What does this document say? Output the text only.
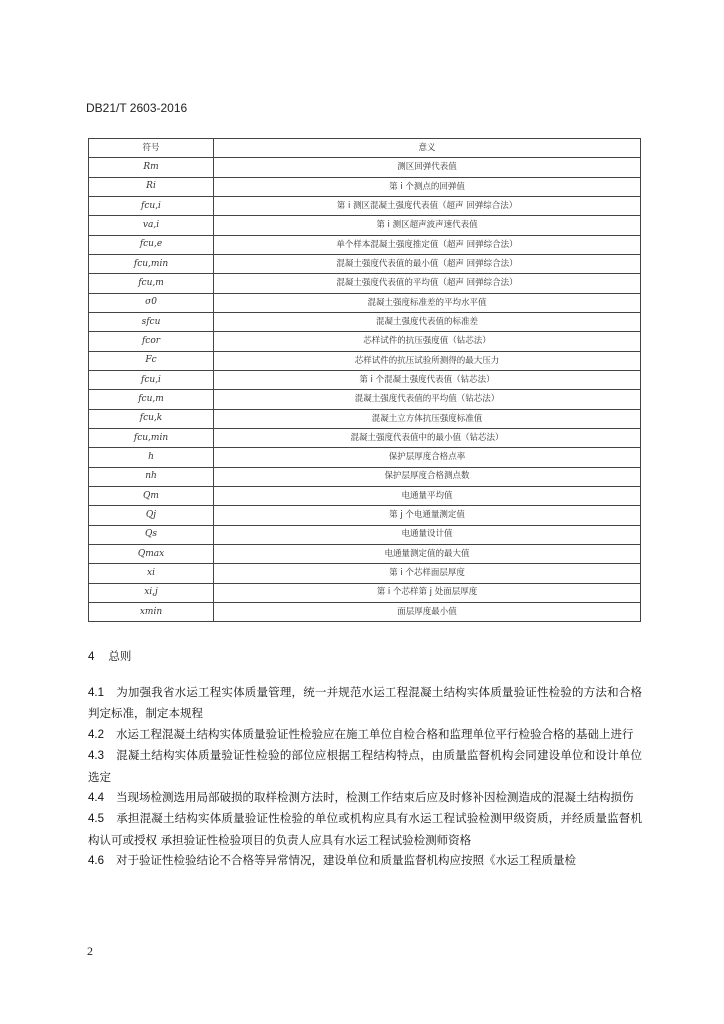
DB21/T 2603-2016
符号	意义
Rm	测区回弹代表值
Ri	第 i 个测点的回弹值
fcu,i	第 i 测区混凝土强度代表值（超声 回弹综合法）
va,i	第 i 测区超声波声速代表值
fcu,e	单个样本混凝土强度推定值（超声 回弹综合法）
fcu,min	混凝土强度代表值的最小值（超声 回弹综合法）
fcu,m	混凝土强度代表值的平均值（超声 回弹综合法）
σ0	混凝土强度标准差的平均水平值
sfcu	混凝土强度代表值的标准差
fcor	芯样试件的抗压强度值（钻芯法）
Fc	芯样试件的抗压试验所测得的最大压力
fcu,i	第 i 个混凝土强度代表值（钻芯法）
fcu,m	混凝土强度代表值的平均值（钻芯法）
fcu,k	混凝土立方体抗压强度标准值
fcu,min	混凝土强度代表值中的最小值（钻芯法）
h	保护层厚度合格点率
nh	保护层厚度合格测点数
Qm	电通量平均值
Qj	第 j 个电通量测定值
Qs	电通量设计值
Qmax	电通量测定值的最大值
xi	第 i 个芯样面层厚度
xi,j	第 i 个芯样第 j 处面层厚度
xmin	面层厚度最小值
4 总则

4.1 为加强我省水运工程实体质量管理，统一并规范水运工程混凝土结构实体质量验证性检验的方法和合格判定标准，制定本规程

4.2 水运工程混凝土结构实体质量验证性检验应在施工单位自检合格和监理单位平行检验合格的基础上进行

4.3 混凝土结构实体质量验证性检验的部位应根据工程结构特点，由质量监督机构会同建设单位和设计单位选定

4.4 当现场检测选用局部破损的取样检测方法时，检测工作结束后应及时修补因检测造成的混凝土结构损伤

4.5 承担混凝土结构实体质量验证性检验的单位或机构应具有水运工程试验检测甲级资质，并经质量监督机构认可或授权 承担验证性检验项目的负责人应具有水运工程试验检测师资格

4.6 对于验证性检验结论不合格等异常情况，建设单位和质量监督机构应按照《水运工程质量检

2
